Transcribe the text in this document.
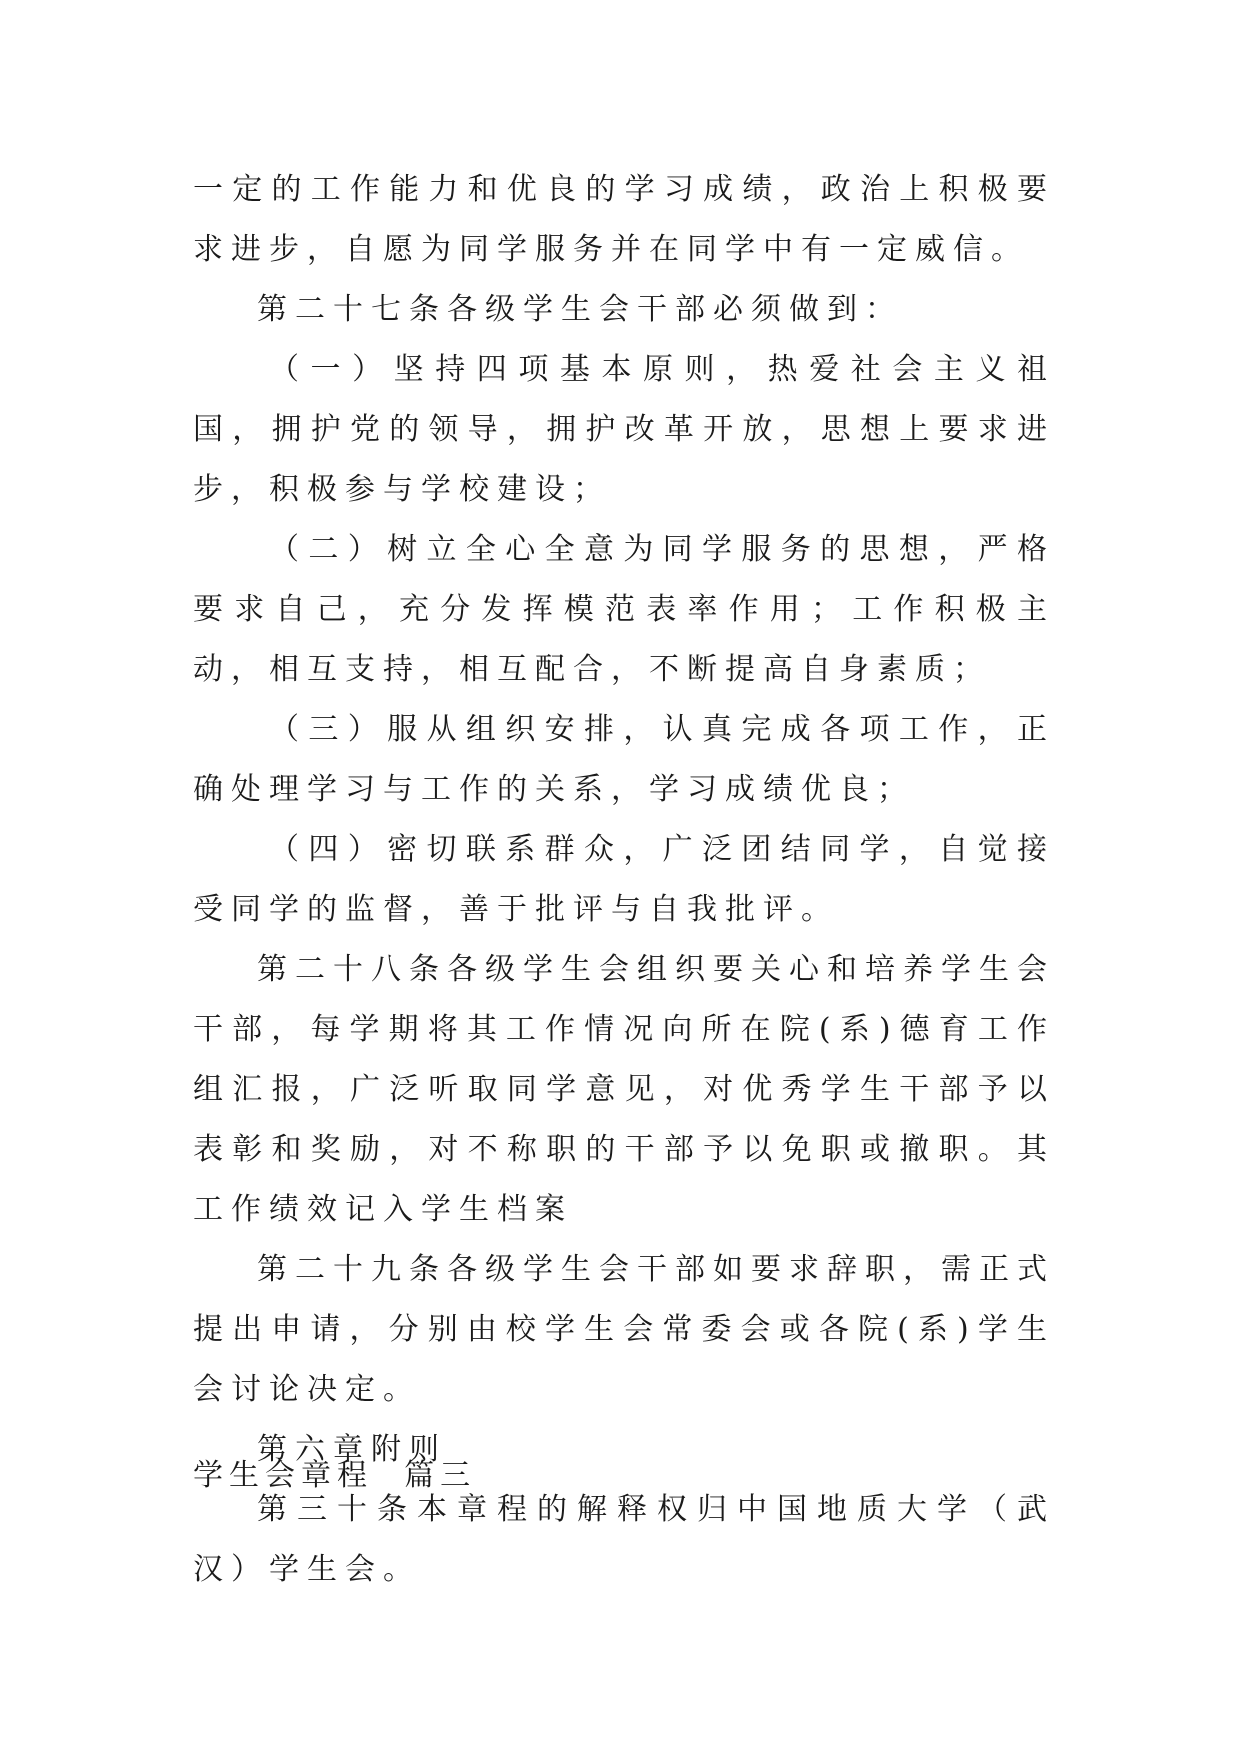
一定的工作能力和优良的学习成绩，政治上积极要求进步，自愿为同学服务并在同学中有一定威信。

第二十七条各级学生会干部必须做到：

（一）坚持四项基本原则，热爱社会主义祖国，拥护党的领导，拥护改革开放，思想上要求进步，积极参与学校建设；

（二）树立全心全意为同学服务的思想，严格要求自己，充分发挥模范表率作用；工作积极主动，相互支持，相互配合，不断提高自身素质；

（三）服从组织安排，认真完成各项工作，正确处理学习与工作的关系，学习成绩优良；

（四）密切联系群众，广泛团结同学，自觉接受同学的监督，善于批评与自我批评。

第二十八条各级学生会组织要关心和培养学生会干部，每学期将其工作情况向所在院(系)德育工作组汇报，广泛听取同学意见，对优秀学生干部予以表彰和奖励，对不称职的干部予以免职或撤职。其工作绩效记入学生档案

第二十九条各级学生会干部如要求辞职，需正式提出申请，分别由校学生会常委会或各院(系)学生会讨论决定。

第六章附则

第三十条本章程的解释权归中国地质大学（武汉）学生会。

学生会章程  篇三
